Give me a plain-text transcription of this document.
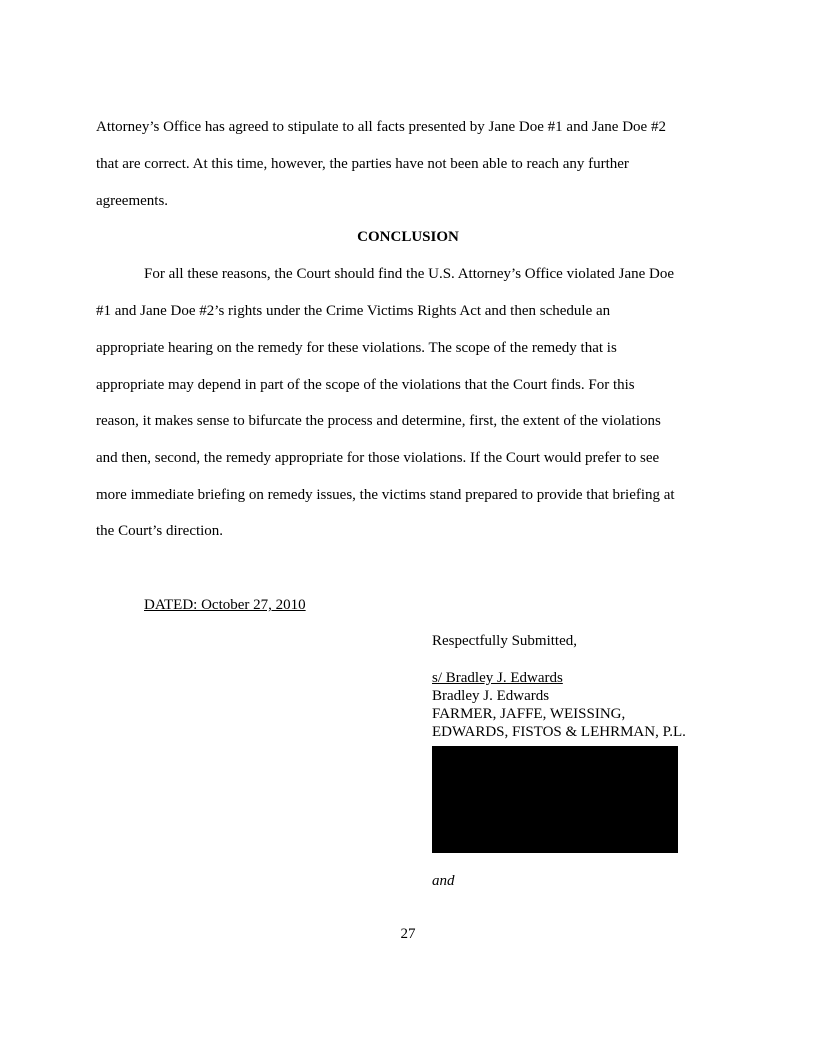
Attorney’s Office has agreed to stipulate to all facts presented by Jane Doe #1 and Jane Doe #2
that are correct. At this time, however, the parties have not been able to reach any further
agreements.
CONCLUSION
For all these reasons, the Court should find the U.S. Attorney’s Office violated Jane Doe
#1 and Jane Doe #2’s rights under the Crime Victims Rights Act and then schedule an
appropriate hearing on the remedy for these violations. The scope of the remedy that is
appropriate may depend in part of the scope of the violations that the Court finds. For this
reason, it makes sense to bifurcate the process and determine, first, the extent of the violations
and then, second, the remedy appropriate for those violations. If the Court would prefer to see
more immediate briefing on remedy issues, the victims stand prepared to provide that briefing at
the Court’s direction.
DATED: October 27, 2010
Respectfully Submitted,
s/ Bradley J. Edwards
Bradley J. Edwards
FARMER, JAFFE, WEISSING,
EDWARDS, FISTOS & LEHRMAN, P.L.
and
27
